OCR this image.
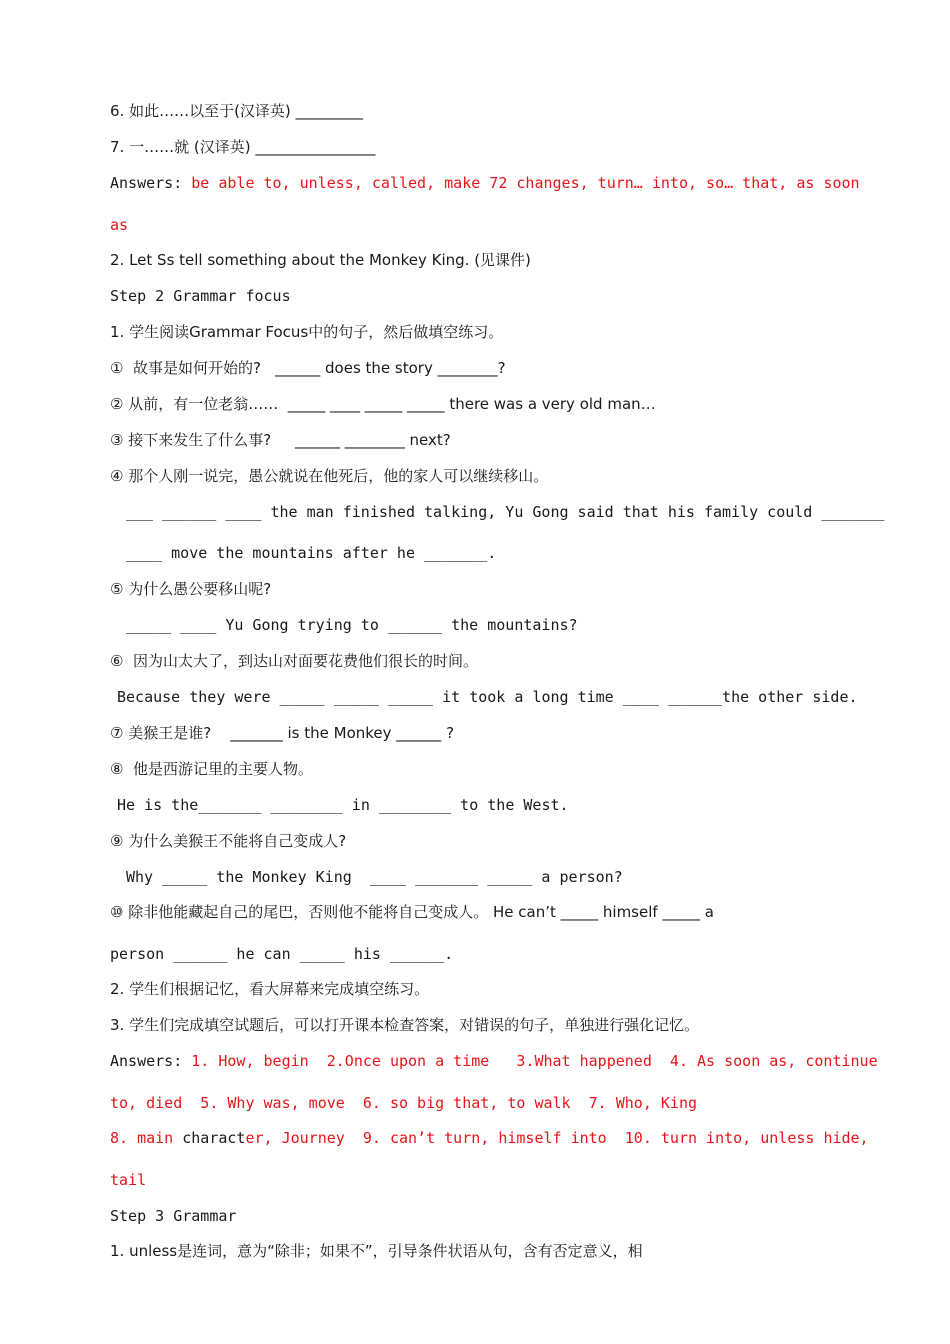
6. 如此……以至于(汉译英) _________
7. 一……就 (汉译英) ________________
Answers: be able to, unless, called, make 72 changes, turn… into, so… that, as soon
as
2. Let Ss tell something about the Monkey King. (见课件)
Step 2 Grammar focus
1. 学生阅读Grammar Focus中的句子，然后做填空练习。
①  故事是如何开始的?   ______ does the story ________?
② 从前，有一位老翁……  _____ ____ _____ _____ there was a very old man…
③ 接下来发生了什么事?     ______ ________ next?
④ 那个人刚一说完，愚公就说在他死后，他的家人可以继续移山。
___ ______ ____ the man finished talking, Yu Gong said that his family could _______
____ move the mountains after he _______.
⑤ 为什么愚公要移山呢?
_____ ____ Yu Gong trying to ______ the mountains?
⑥  因为山太大了，到达山对面要花费他们很长的时间。
Because they were _____ _____ _____ it took a long time ____ ______the other side.
⑦ 美猴王是谁?    _______ is the Monkey ______ ?
⑧  他是西游记里的主要人物。
He is the_______ ________ in ________ to the West.
⑨ 为什么美猴王不能将自己变成人?
Why _____ the Monkey King  ____ _______ _____ a person?
⑩ 除非他能藏起自己的尾巴，否则他不能将自己变成人。 He can’t _____ himself _____ a
person ______ he can _____ his ______.
2. 学生们根据记忆，看大屏幕来完成填空练习。
3. 学生们完成填空试题后，可以打开课本检查答案，对错误的句子，单独进行强化记忆。
Answers: 1. How, begin  2.Once upon a time   3.What happened  4. As soon as, continue
to, died  5. Why was, move  6. so big that, to walk  7. Who, King
8. main character, Journey  9. can’t turn, himself into  10. turn into, unless hide,
tail
Step 3 Grammar
1. unless是连词，意为“除非；如果不”，引导条件状语从句，含有否定意义，相
